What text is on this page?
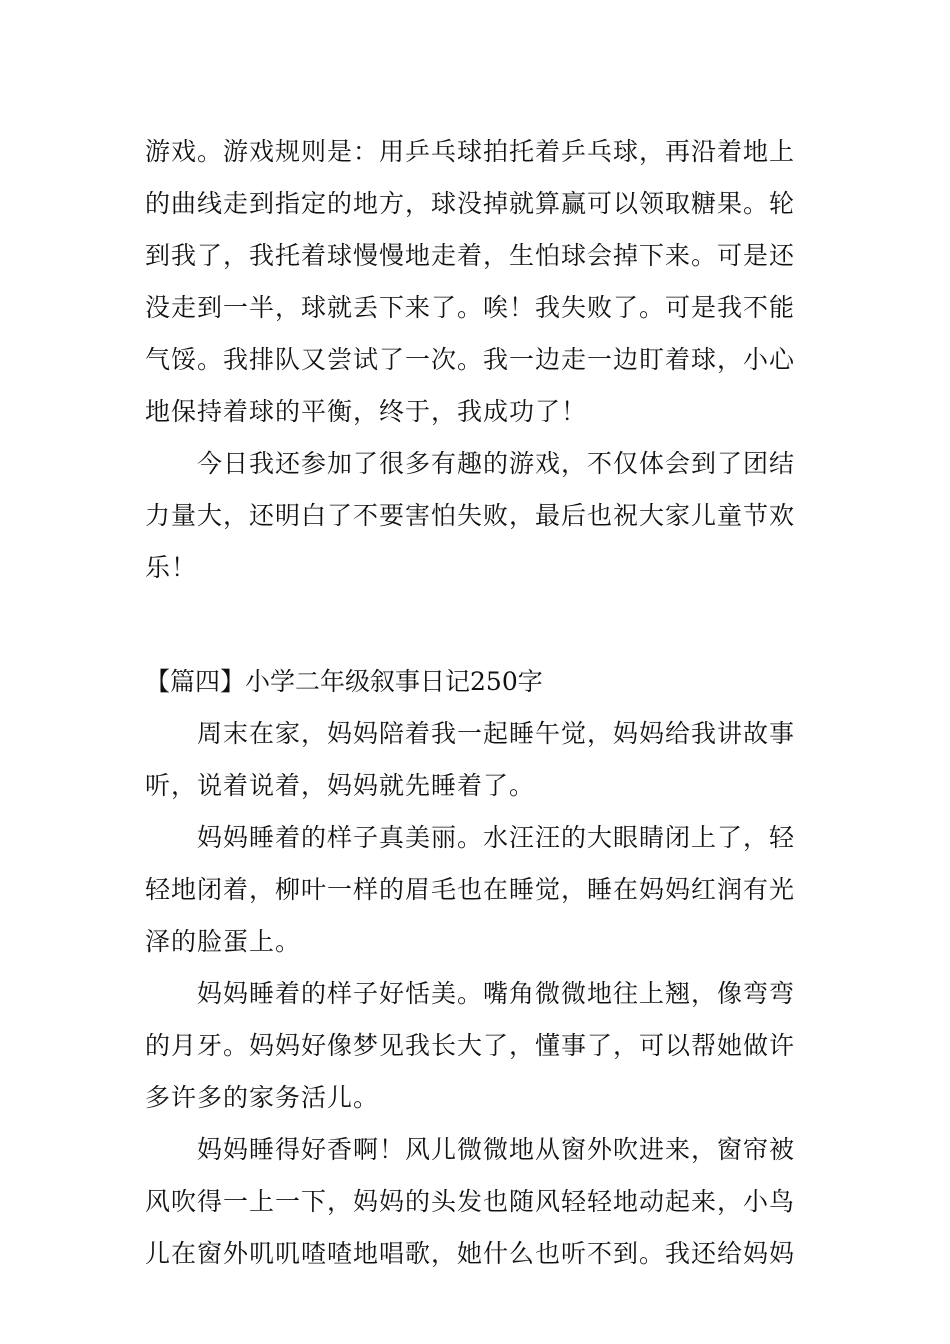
游戏。游戏规则是：用乒乓球拍托着乒乓球，再沿着地上
的曲线走到指定的地方，球没掉就算赢可以领取糖果。轮
到我了，我托着球慢慢地走着，生怕球会掉下来。可是还
没走到一半，球就丢下来了。唉！我失败了。可是我不能
气馁。我排队又尝试了一次。我一边走一边盯着球，小心
地保持着球的平衡，终于，我成功了！
今日我还参加了很多有趣的游戏，不仅体会到了团结
力量大，还明白了不要害怕失败，最后也祝大家儿童节欢
乐！
【篇四】小学二年级叙事日记250字
周末在家，妈妈陪着我一起睡午觉，妈妈给我讲故事
听，说着说着，妈妈就先睡着了。
妈妈睡着的样子真美丽。水汪汪的大眼睛闭上了，轻
轻地闭着，柳叶一样的眉毛也在睡觉，睡在妈妈红润有光
泽的脸蛋上。
妈妈睡着的样子好恬美。嘴角微微地往上翘，像弯弯
的月牙。妈妈好像梦见我长大了，懂事了，可以帮她做许
多许多的家务活儿。
妈妈睡得好香啊！风儿微微地从窗外吹进来，窗帘被
风吹得一上一下，妈妈的头发也随风轻轻地动起来，小鸟
儿在窗外叽叽喳喳地唱歌，她什么也听不到。我还给妈妈
